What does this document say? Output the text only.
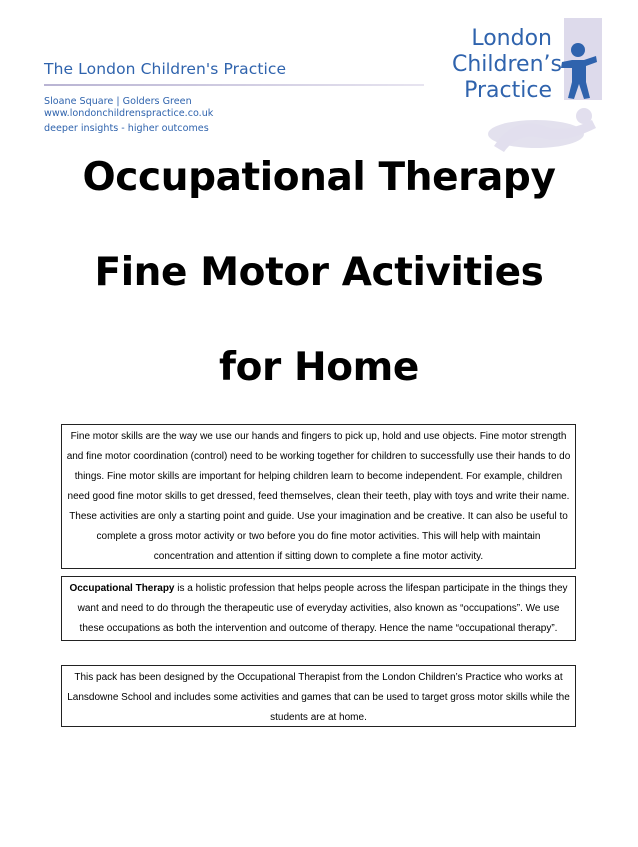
The London Children's Practice
Sloane Square | Golders Green
www.londonchildrenspractice.co.uk
deeper insights - higher outcomes
London
Children’s
Practice
Occupational Therapy
Fine Motor Activities
for Home

Fine motor skills are the way we use our hands and fingers to pick up, hold and use objects. Fine motor strength and fine motor coordination (control) need to be working together for children to successfully use their hands to do things. Fine motor skills are important for helping children learn to become independent. For example, children need good fine motor skills to get dressed, feed themselves, clean their teeth, play with toys and write their name. These activities are only a starting point and guide. Use your imagination and be creative. It can also be useful to complete a gross motor activity or two before you do fine motor activities. This will help with maintain concentration and attention if sitting down to complete a fine motor activity.

Occupational Therapy is a holistic profession that helps people across the lifespan participate in the things they want and need to do through the therapeutic use of everyday activities, also known as “occupations”. We use these occupations as both the intervention and outcome of therapy. Hence the name “occupational therapy”.

This pack has been designed by the Occupational Therapist from the London Children’s Practice who works at Lansdowne School and includes some activities and games that can be used to target gross motor skills while the students are at home.
